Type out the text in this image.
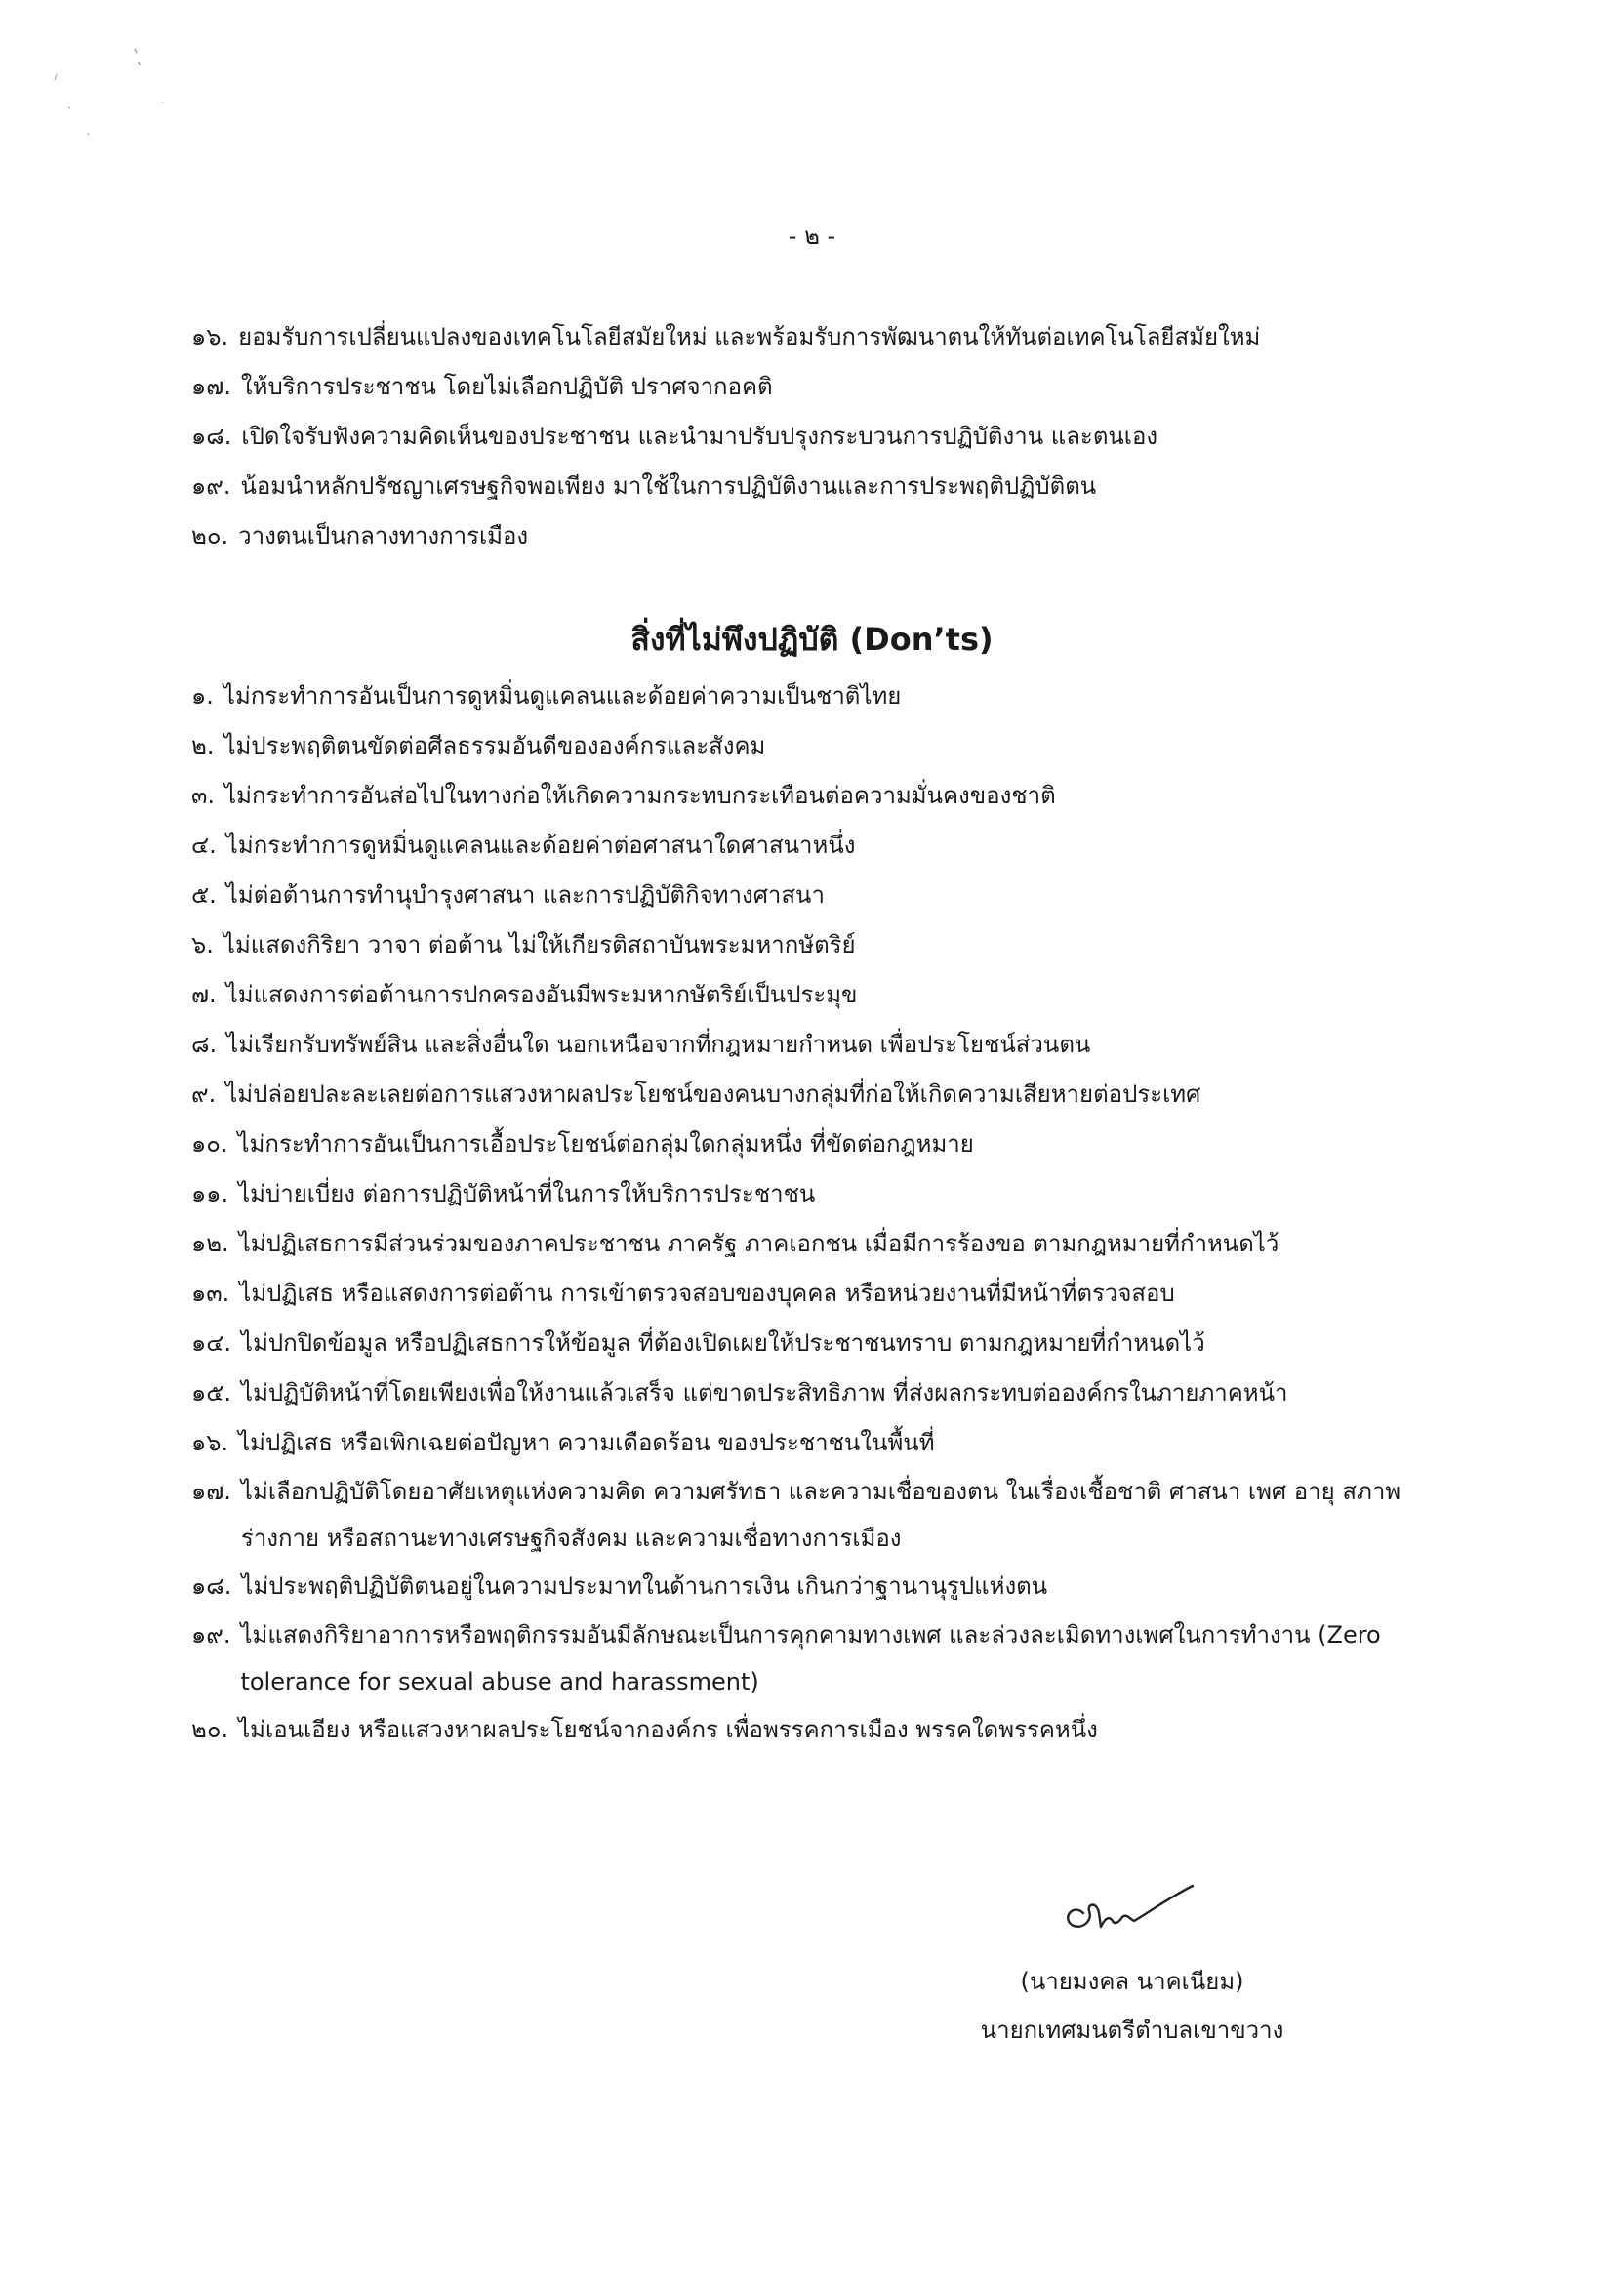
- ๒ -
๑๖. ยอมรับการเปลี่ยนแปลงของเทคโนโลยีสมัยใหม่ และพร้อมรับการพัฒนาตนให้ทันต่อเทคโนโลยีสมัยใหม่
๑๗. ให้บริการประชาชน โดยไม่เลือกปฏิบัติ ปราศจากอคติ
๑๘. เปิดใจรับฟังความคิดเห็นของประชาชน และนำมาปรับปรุงกระบวนการปฏิบัติงาน และตนเอง
๑๙. น้อมนำหลักปรัชญาเศรษฐกิจพอเพียง มาใช้ในการปฏิบัติงานและการประพฤติปฏิบัติตน
๒๐. วางตนเป็นกลางทางการเมือง
สิ่งที่ไม่พึงปฏิบัติ (Don’ts)
๑. ไม่กระทำการอันเป็นการดูหมิ่นดูแคลนและด้อยค่าความเป็นชาติไทย
๒. ไม่ประพฤติตนขัดต่อศีลธรรมอันดีขององค์กรและสังคม
๓. ไม่กระทำการอันส่อไปในทางก่อให้เกิดความกระทบกระเทือนต่อความมั่นคงของชาติ
๔. ไม่กระทำการดูหมิ่นดูแคลนและด้อยค่าต่อศาสนาใดศาสนาหนึ่ง
๕. ไม่ต่อต้านการทำนุบำรุงศาสนา และการปฏิบัติกิจทางศาสนา
๖. ไม่แสดงกิริยา วาจา ต่อต้าน ไม่ให้เกียรติสถาบันพระมหากษัตริย์
๗. ไม่แสดงการต่อต้านการปกครองอันมีพระมหากษัตริย์เป็นประมุข
๘. ไม่เรียกรับทรัพย์สิน และสิ่งอื่นใด นอกเหนือจากที่กฎหมายกำหนด เพื่อประโยชน์ส่วนตน
๙. ไม่ปล่อยปละละเลยต่อการแสวงหาผลประโยชน์ของคนบางกลุ่มที่ก่อให้เกิดความเสียหายต่อประเทศ
๑๐. ไม่กระทำการอันเป็นการเอื้อประโยชน์ต่อกลุ่มใดกลุ่มหนึ่ง ที่ขัดต่อกฎหมาย
๑๑. ไม่บ่ายเบี่ยง ต่อการปฏิบัติหน้าที่ในการให้บริการประชาชน
๑๒. ไม่ปฏิเสธการมีส่วนร่วมของภาคประชาชน ภาครัฐ ภาคเอกชน เมื่อมีการร้องขอ ตามกฎหมายที่กำหนดไว้
๑๓. ไม่ปฏิเสธ หรือแสดงการต่อต้าน การเข้าตรวจสอบของบุคคล หรือหน่วยงานที่มีหน้าที่ตรวจสอบ
๑๔. ไม่ปกปิดข้อมูล หรือปฏิเสธการให้ข้อมูล ที่ต้องเปิดเผยให้ประชาชนทราบ ตามกฎหมายที่กำหนดไว้
๑๕. ไม่ปฏิบัติหน้าที่โดยเพียงเพื่อให้งานแล้วเสร็จ แต่ขาดประสิทธิภาพ ที่ส่งผลกระทบต่อองค์กรในภายภาคหน้า
๑๖. ไม่ปฏิเสธ หรือเพิกเฉยต่อปัญหา ความเดือดร้อน ของประชาชนในพื้นที่
๑๗. ไม่เลือกปฏิบัติโดยอาศัยเหตุแห่งความคิด ความศรัทธา และความเชื่อของตน ในเรื่องเชื้อชาติ ศาสนา เพศ อายุ สภาพร่างกาย หรือสถานะทางเศรษฐกิจสังคม และความเชื่อทางการเมือง
๑๘. ไม่ประพฤติปฏิบัติตนอยู่ในความประมาทในด้านการเงิน เกินกว่าฐานานุรูปแห่งตน
๑๙. ไม่แสดงกิริยาอาการหรือพฤติกรรมอันมีลักษณะเป็นการคุกคามทางเพศ และล่วงละเมิดทางเพศในการทำงาน (Zero tolerance for sexual abuse and harassment)
๒๐. ไม่เอนเอียง หรือแสวงหาผลประโยชน์จากองค์กร เพื่อพรรคการเมือง พรรคใดพรรคหนึ่ง
(นายมงคล นาคเนียม)
นายกเทศมนตรีตำบลเขาขวาง
